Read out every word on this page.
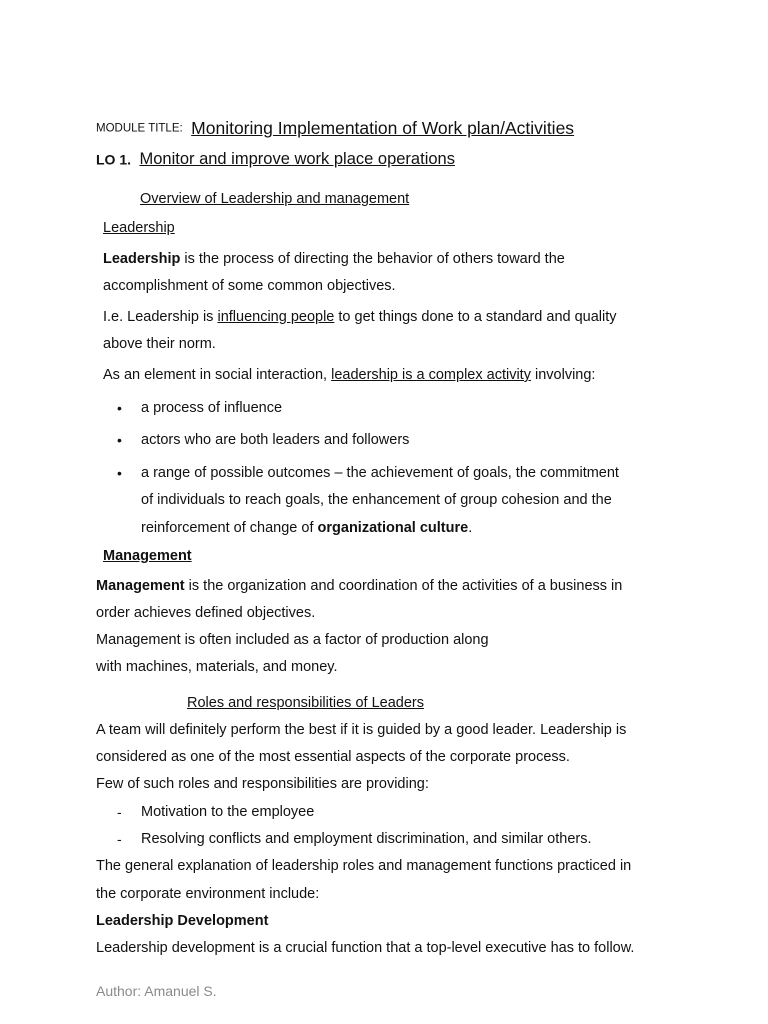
MODULE TITLE: Monitoring Implementation of Work plan/Activities
LO 1. Monitor and improve work place operations
Overview of Leadership and management
Leadership
Leadership is the process of directing the behavior of others toward the
accomplishment of some common objectives.
I.e. Leadership is influencing people to get things done to a standard and quality
above their norm.
As an element in social interaction, leadership is a complex activity involving:
• a process of influence
• actors who are both leaders and followers
• a range of possible outcomes – the achievement of goals, the commitment
of individuals to reach goals, the enhancement of group cohesion and the
reinforcement of change of organizational culture.
Management
Management is the organization and coordination of the activities of a business in
order achieves defined objectives.
Management is often included as a factor of production along
with machines, materials, and money.
Roles and responsibilities of Leaders
A team will definitely perform the best if it is guided by a good leader. Leadership is
considered as one of the most essential aspects of the corporate process.
Few of such roles and responsibilities are providing:
- Motivation to the employee
- Resolving conflicts and employment discrimination, and similar others.
The general explanation of leadership roles and management functions practiced in
the corporate environment include:
Leadership Development
Leadership development is a crucial function that a top-level executive has to follow.
Author: Amanuel S.
